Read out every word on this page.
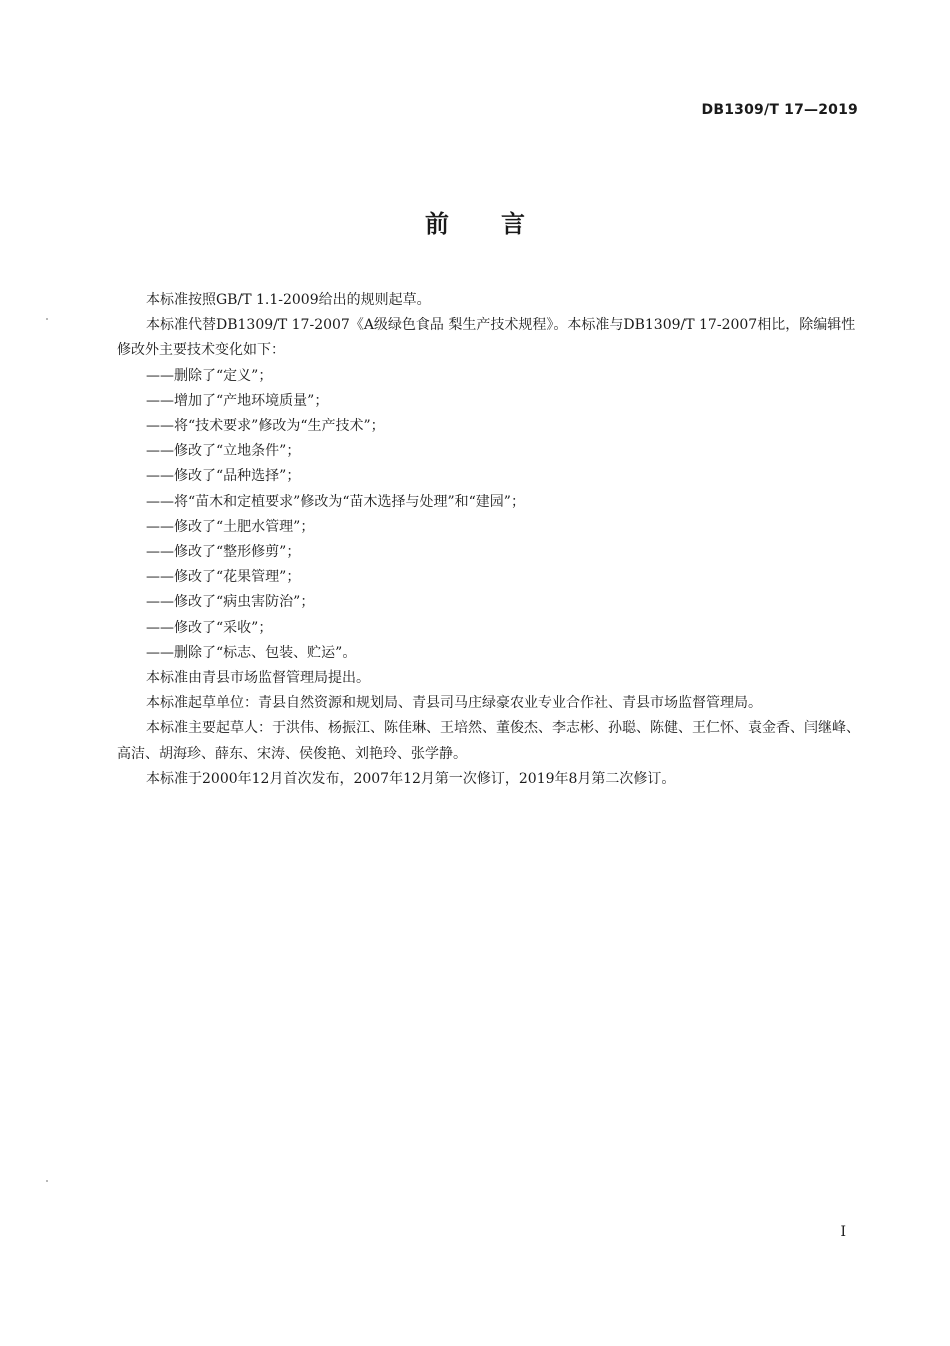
DB1309/T 17—2019
前 言

本标准按照GB/T 1.1-2009给出的规则起草。

本标准代替DB1309/T 17-2007《A级绿色食品 梨生产技术规程》。本标准与DB1309/T 17-2007相比，除编辑性修改外主要技术变化如下：

——删除了“定义”；

——增加了“产地环境质量”；

——将“技术要求”修改为“生产技术”；

——修改了“立地条件”；

——修改了“品种选择”；

——将“苗木和定植要求”修改为“苗木选择与处理”和“建园”；

——修改了“土肥水管理”；

——修改了“整形修剪”；

——修改了“花果管理”；

——修改了“病虫害防治”；

——修改了“采收”；

——删除了“标志、包装、贮运”。

本标准由青县市场监督管理局提出。

本标准起草单位：青县自然资源和规划局、青县司马庄绿豪农业专业合作社、青县市场监督管理局。

本标准主要起草人：于洪伟、杨振江、陈佳琳、王培然、董俊杰、李志彬、孙聪、陈健、王仁怀、袁金香、闫继峰、高洁、胡海珍、薛东、宋涛、侯俊艳、刘艳玲、张学静。

本标准于2000年12月首次发布，2007年12月第一次修订，2019年8月第二次修订。

I
